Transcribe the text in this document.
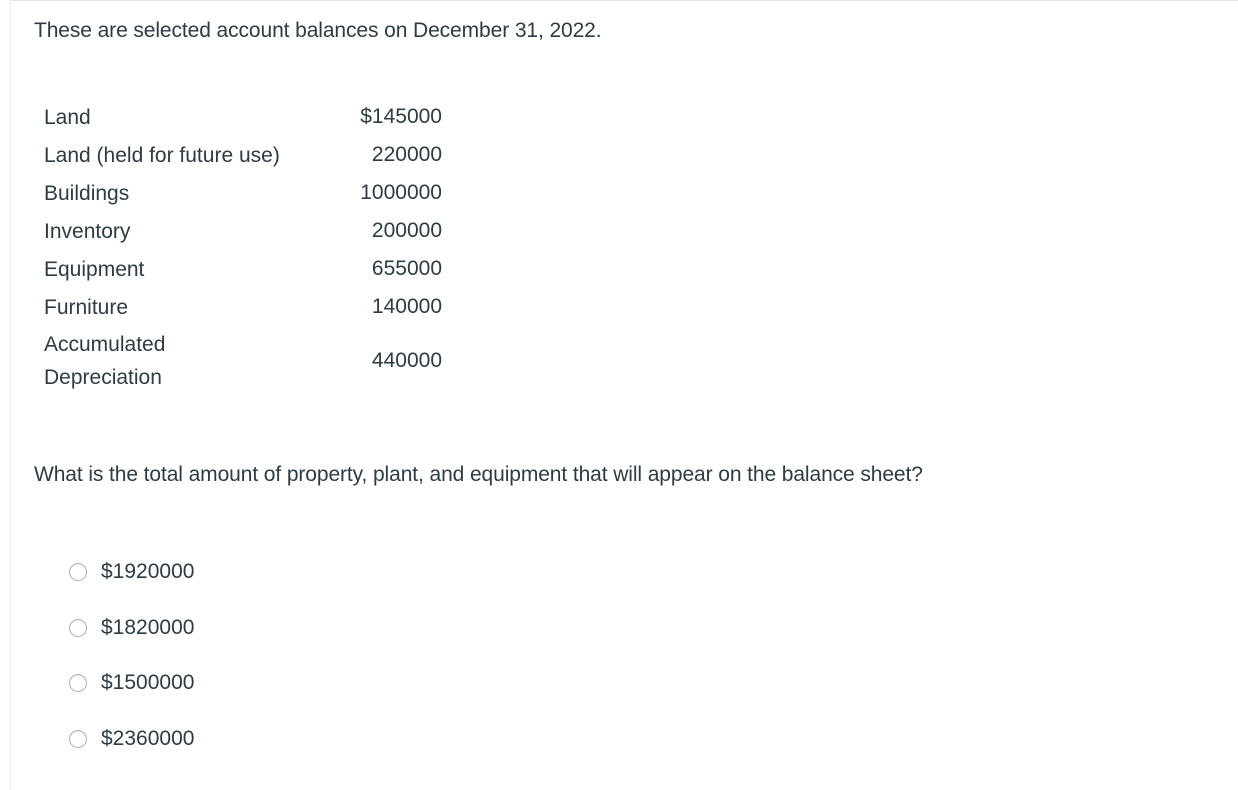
These are selected account balances on December 31, 2022.
Land	$145000
Land (held for future use)	220000
Buildings	1000000
Inventory	200000
Equipment	655000
Furniture	140000
Accumulated Depreciation	440000
What is the total amount of property, plant, and equipment that will appear on the balance sheet?
$1920000
$1820000
$1500000
$2360000
